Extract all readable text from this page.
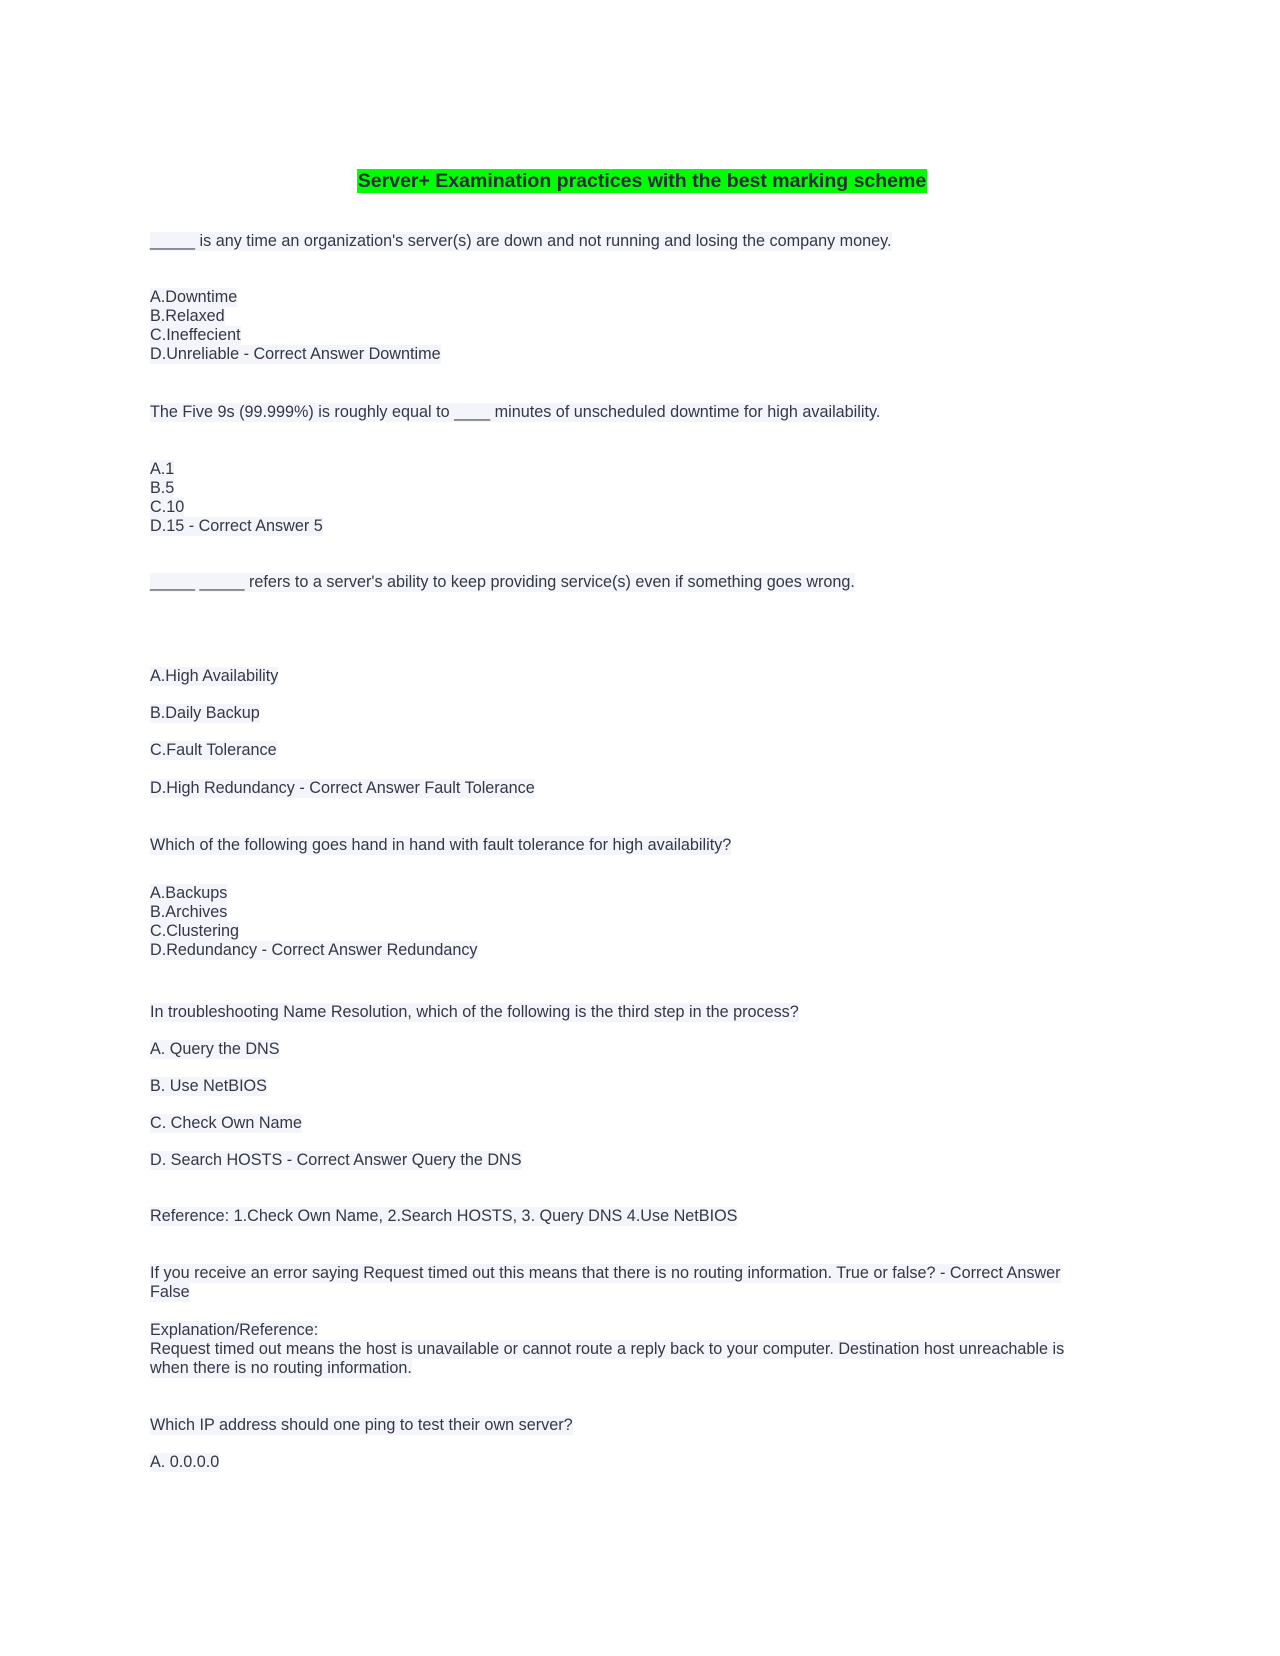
Server+ Examination practices with the best marking scheme
_____ is any time an organization's server(s) are down and not running and losing the company money.
A.Downtime
B.Relaxed
C.Ineffecient
D.Unreliable - Correct Answer Downtime
The Five 9s (99.999%) is roughly equal to ____ minutes of unscheduled downtime for high availability.
A.1
B.5
C.10
D.15 - Correct Answer 5
_____ _____ refers to a server's ability to keep providing service(s) even if something goes wrong.
A.High Availability
B.Daily Backup
C.Fault Tolerance
D.High Redundancy - Correct Answer Fault Tolerance
Which of the following goes hand in hand with fault tolerance for high availability?
A.Backups
B.Archives
C.Clustering
D.Redundancy - Correct Answer Redundancy
In troubleshooting Name Resolution, which of the following is the third step in the process?
A. Query the DNS
B. Use NetBIOS
C. Check Own Name
D. Search HOSTS - Correct Answer Query the DNS
Reference: 1.Check Own Name, 2.Search HOSTS, 3. Query DNS 4.Use NetBIOS
If you receive an error saying Request timed out this means that there is no routing information. True or false? - Correct Answer
False
Explanation/Reference:
Request timed out means the host is unavailable or cannot route a reply back to your computer. Destination host unreachable is
when there is no routing information.
Which IP address should one ping to test their own server?
A. 0.0.0.0
